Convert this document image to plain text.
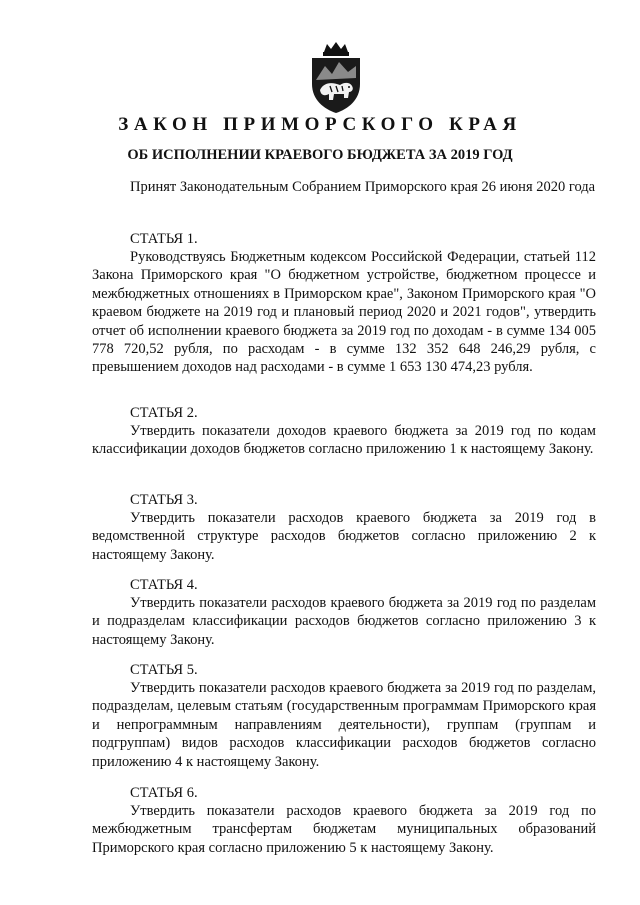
ЗАКОН ПРИМОРСКОГО КРАЯ
ОБ ИСПОЛНЕНИИ КРАЕВОГО БЮДЖЕТА ЗА 2019 ГОД

Принят Законодательным Собранием Приморского края 26 июня 2020 года

СТАТЬЯ 1.

Руководствуясь Бюджетным кодексом Российской Федерации, статьей 112 Закона Приморского края "О бюджетном устройстве, бюджетном процессе и межбюджетных отношениях в Приморском крае", Законом Приморского края "О краевом бюджете на 2019 год и плановый период 2020 и 2021 годов", утвердить отчет об исполнении краевого бюджета за 2019 год по доходам - в сумме 134 005 778 720,52 рубля, по расходам - в сумме 132 352 648 246,29 рубля, с превышением доходов над расходами - в сумме 1 653 130 474,23 рубля.

СТАТЬЯ 2.

Утвердить показатели доходов краевого бюджета за 2019 год по кодам классификации доходов бюджетов согласно приложению 1 к настоящему Закону.

СТАТЬЯ 3.

Утвердить показатели расходов краевого бюджета за 2019 год в ведомственной структуре расходов бюджетов согласно приложению 2 к настоящему Закону.

СТАТЬЯ 4.

Утвердить показатели расходов краевого бюджета за 2019 год по разделам и подразделам классификации расходов бюджетов согласно приложению 3 к настоящему Закону.

СТАТЬЯ 5.

Утвердить показатели расходов краевого бюджета за 2019 год по разделам, подразделам, целевым статьям (государственным программам Приморского края и непрограммным направлениям деятельности), группам (группам и подгруппам) видов расходов классификации расходов бюджетов согласно приложению 4 к настоящему Закону.

СТАТЬЯ 6.

Утвердить показатели расходов краевого бюджета за 2019 год по межбюджетным трансфертам бюджетам муниципальных образований Приморского края согласно приложению 5 к настоящему Закону.
